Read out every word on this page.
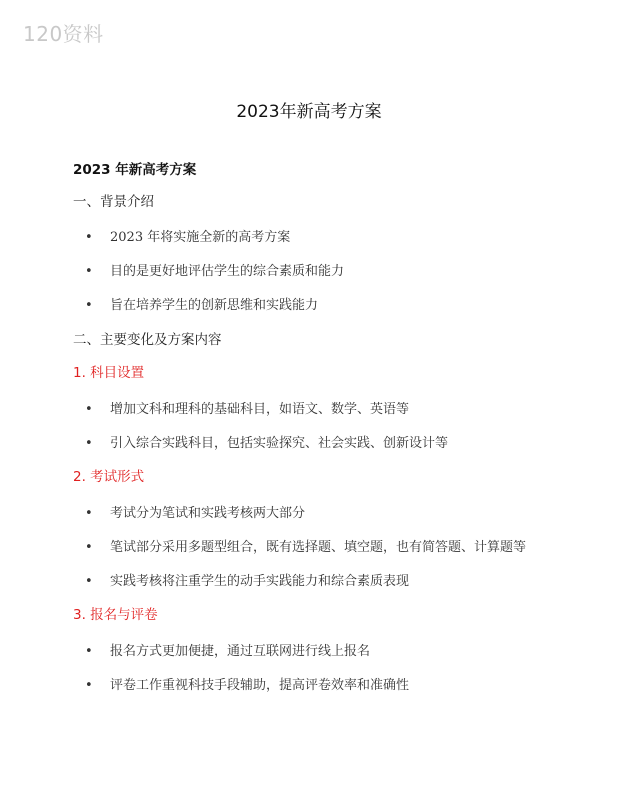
120资料
2023年新高考方案
2023 年新高考方案
一、背景介绍
• 2023 年将实施全新的高考方案
• 目的是更好地评估学生的综合素质和能力
• 旨在培养学生的创新思维和实践能力
二、主要变化及方案内容
1. 科目设置
• 增加文科和理科的基础科目，如语文、数学、英语等
• 引入综合实践科目，包括实验探究、社会实践、创新设计等
2. 考试形式
• 考试分为笔试和实践考核两大部分
• 笔试部分采用多题型组合，既有选择题、填空题，也有简答题、计算题等
• 实践考核将注重学生的动手实践能力和综合素质表现
3. 报名与评卷
• 报名方式更加便捷，通过互联网进行线上报名
• 评卷工作重视科技手段辅助，提高评卷效率和准确性
